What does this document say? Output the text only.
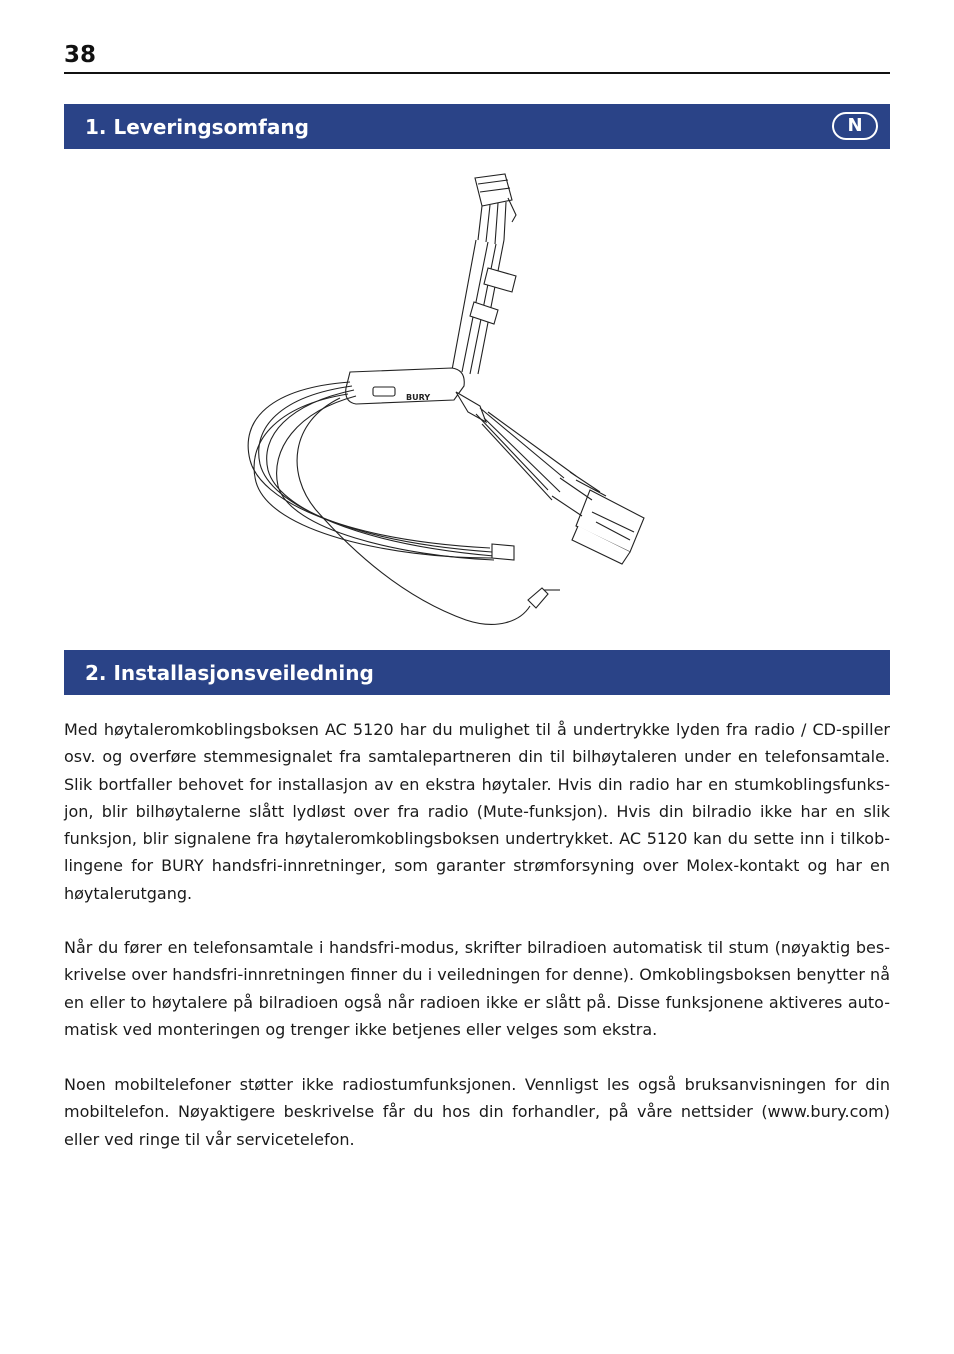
38
1. Leveringsomfang	N
BURY
2. Installasjonsveiledning

Med høytaleromkoblingsboksen AC 5120 har du mulighet til å undertrykke lyden fra radio / CD-spiller osv. og overføre stemmesignalet fra samtalepartneren din til bilhøytaleren under en telefonsamtale. Slik bortfaller behovet for installasjon av en ekstra høytaler. Hvis din radio har en stumkoblingsfunks-jon, blir bilhøytalerne slått lydløst over fra radio (Mute-funksjon). Hvis din bilradio ikke har en slik funksjon, blir signalene fra høytaleromkoblingsboksen undertrykket. AC 5120 kan du sette inn i tilkob-lingene for BURY handsfri-innretninger, som garanter strømforsyning over Molex-kontakt og har en høytalerutgang.

Når du fører en telefonsamtale i handsfri-modus, skrifter bilradioen automatisk til stum (nøyaktig bes-krivelse over handsfri-innretningen finner du i veiledningen for denne). Omkoblingsboksen benytter nå en eller to høytalere på bilradioen også når radioen ikke er slått på. Disse funksjonene aktiveres auto-matisk ved monteringen og trenger ikke betjenes eller velges som ekstra.

Noen mobiltelefoner støtter ikke radiostumfunksjonen. Vennligst les også bruksanvisningen for din mobiltelefon. Nøyaktigere beskrivelse får du hos din forhandler, på våre nettsider (www.bury.com) eller ved ringe til vår servicetelefon.
